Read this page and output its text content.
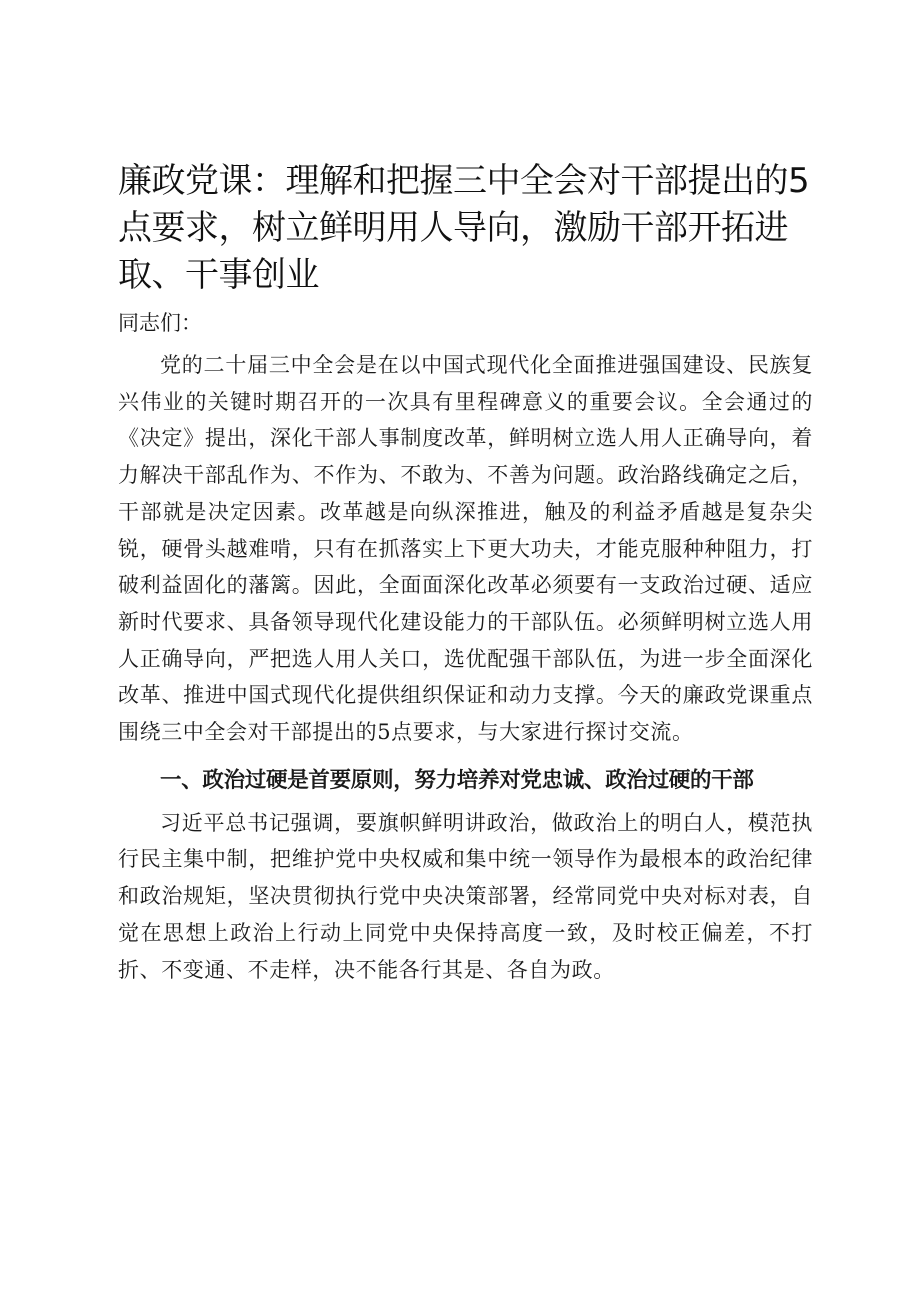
廉政党课：理解和把握三中全会对干部提出的5点要求，树立鲜明用人导向，激励干部开拓进取、干事创业

同志们：

党的二十届三中全会是在以中国式现代化全面推进强国建设、民族复兴伟业的关键时期召开的一次具有里程碑意义的重要会议。全会通过的《决定》提出，深化干部人事制度改革，鲜明树立选人用人正确导向，着力解决干部乱作为、不作为、不敢为、不善为问题。政治路线确定之后，干部就是决定因素。改革越是向纵深推进，触及的利益矛盾越是复杂尖锐，硬骨头越难啃，只有在抓落实上下更大功夫，才能克服种种阻力，打破利益固化的藩篱。因此，全面面深化改革必须要有一支政治过硬、适应新时代要求、具备领导现代化建设能力的干部队伍。必须鲜明树立选人用人正确导向，严把选人用人关口，选优配强干部队伍，为进一步全面深化改革、推进中国式现代化提供组织保证和动力支撑。今天的廉政党课重点围绕三中全会对干部提出的5点要求，与大家进行探讨交流。

一、政治过硬是首要原则，努力培养对党忠诚、政治过硬的干部

习近平总书记强调，要旗帜鲜明讲政治，做政治上的明白人，模范执行民主集中制，把维护党中央权威和集中统一领导作为最根本的政治纪律和政治规矩，坚决贯彻执行党中央决策部署，经常同党中央对标对表，自觉在思想上政治上行动上同党中央保持高度一致，及时校正偏差，不打折、不变通、不走样，决不能各行其是、各自为政。
